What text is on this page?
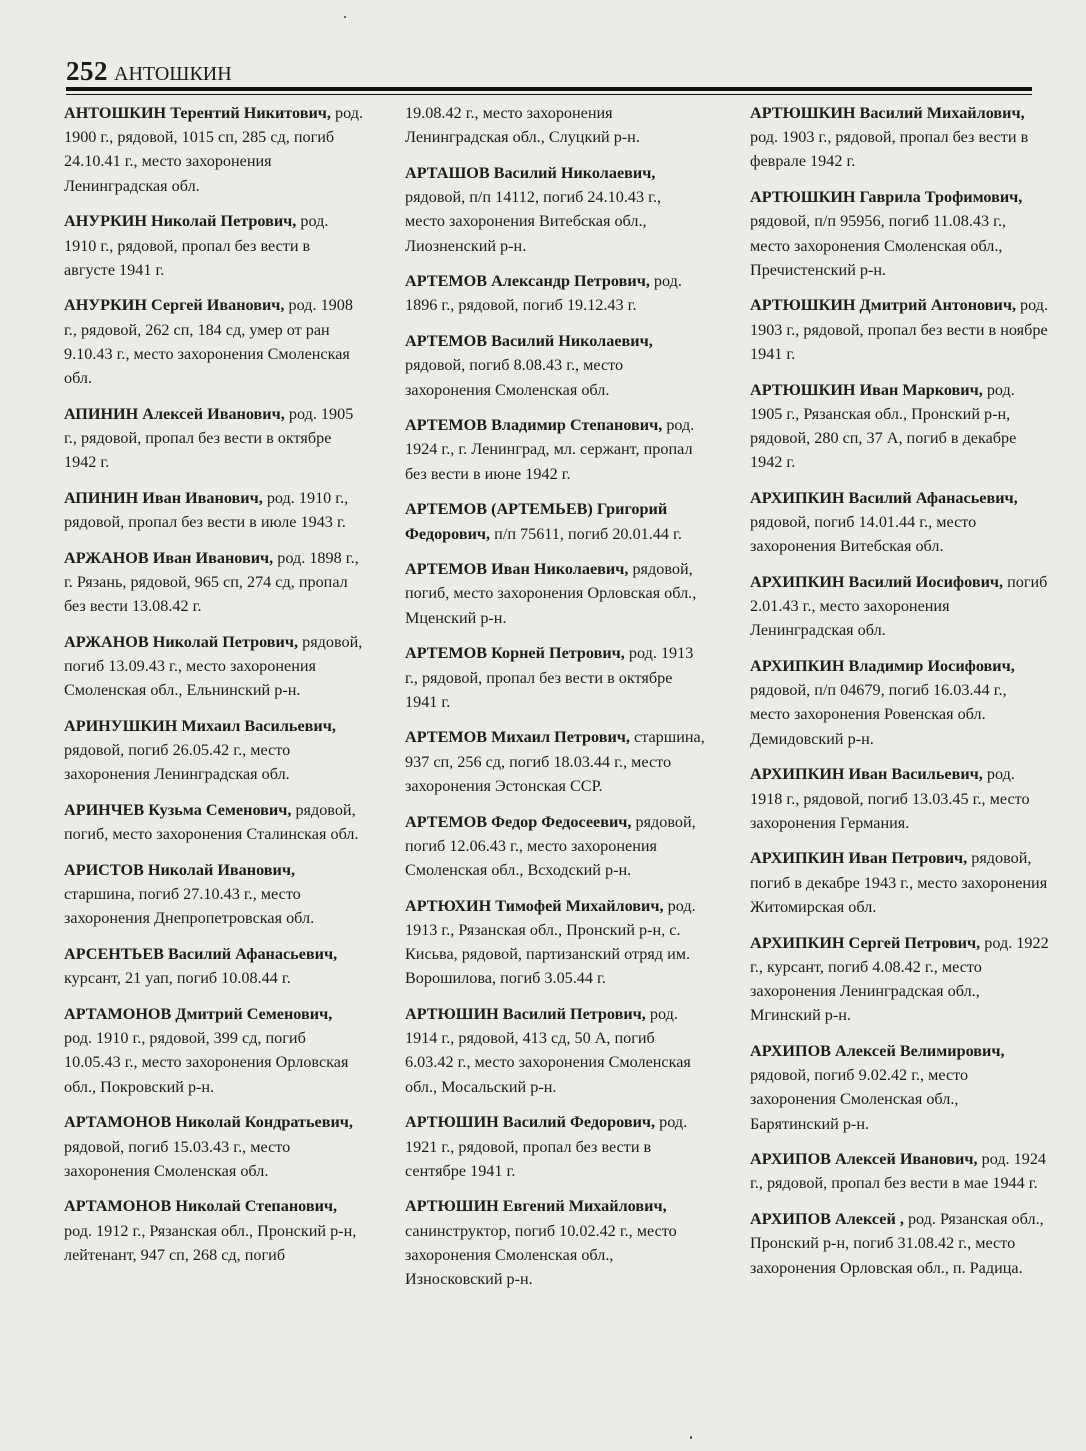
252 АНТОШКИН

АНТОШКИН Терентий Никитович, род. 1900 г., рядовой, 1015 сп, 285 сд, погиб 24.10.41 г., место захоронения Ленинградская обл.

АНУРКИН Николай Петрович, род. 1910 г., рядовой, пропал без вести в августе 1941 г.

АНУРКИН Сергей Иванович, род. 1908 г., рядовой, 262 сп, 184 сд, умер от ран 9.10.43 г., место захоронения Смоленская обл.

АПИНИН Алексей Иванович, род. 1905 г., рядовой, пропал без вести в октябре 1942 г.

АПИНИН Иван Иванович, род. 1910 г., рядовой, пропал без вести в июле 1943 г.

АРЖАНОВ Иван Иванович, род. 1898 г., г. Рязань, рядовой, 965 сп, 274 сд, пропал без вести 13.08.42 г.

АРЖАНОВ Николай Петрович, рядовой, погиб 13.09.43 г., место захоронения Смоленская обл., Ельнинский р-н.

АРИНУШКИН Михаил Васильевич, рядовой, погиб 26.05.42 г., место захоронения Ленинградская обл.

АРИНЧЕВ Кузьма Семенович, рядовой, погиб, место захоронения Сталинская обл.

АРИСТОВ Николай Иванович, старшина, погиб 27.10.43 г., место захоронения Днепропетровская обл.

АРСЕНТЬЕВ Василий Афанасьевич, курсант, 21 уап, погиб 10.08.44 г.

АРТАМОНОВ Дмитрий Семенович, род. 1910 г., рядовой, 399 сд, погиб 10.05.43 г., место захоронения Орловская обл., Покровский р-н.

АРТАМОНОВ Николай Кондратьевич, рядовой, погиб 15.03.43 г., место захоронения Смоленская обл.

АРТАМОНОВ Николай Степанович, род. 1912 г., Рязанская обл., Пронский р-н, лейтенант, 947 сп, 268 сд, погиб

19.08.42 г., место захоронения Ленинградская обл., Слуцкий р-н.

АРТАШОВ Василий Николаевич, рядовой, п/п 14112, погиб 24.10.43 г., место захоронения Витебская обл., Лиозненский р-н.

АРТЕМОВ Александр Петрович, род. 1896 г., рядовой, погиб 19.12.43 г.

АРТЕМОВ Василий Николаевич, рядовой, погиб 8.08.43 г., место захоронения Смоленская обл.

АРТЕМОВ Владимир Степанович, род. 1924 г., г. Ленинград, мл. сержант, пропал без вести в июне 1942 г.

АРТЕМОВ (АРТЕМЬЕВ) Григорий Федорович, п/п 75611, погиб 20.01.44 г.

АРТЕМОВ Иван Николаевич, рядовой, погиб, место захоронения Орловская обл., Мценский р-н.

АРТЕМОВ Корней Петрович, род. 1913 г., рядовой, пропал без вести в октябре 1941 г.

АРТЕМОВ Михаил Петрович, старшина, 937 сп, 256 сд, погиб 18.03.44 г., место захоронения Эстонская ССР.

АРТЕМОВ Федор Федосеевич, рядовой, погиб 12.06.43 г., место захоронения Смоленская обл., Всходский р-н.

АРТЮХИН Тимофей Михайлович, род. 1913 г., Рязанская обл., Пронский р-н, с. Кисьва, рядовой, партизанский отряд им. Ворошилова, погиб 3.05.44 г.

АРТЮШИН Василий Петрович, род. 1914 г., рядовой, 413 сд, 50 А, погиб 6.03.42 г., место захоронения Смоленская обл., Мосальский р-н.

АРТЮШИН Василий Федорович, род. 1921 г., рядовой, пропал без вести в сентябре 1941 г.

АРТЮШИН Евгений Михайлович, санинструктор, погиб 10.02.42 г., место захоронения Смоленская обл., Износковский р-н.

АРТЮШКИН Василий Михайлович, род. 1903 г., рядовой, пропал без вести в феврале 1942 г.

АРТЮШКИН Гаврила Трофимович, рядовой, п/п 95956, погиб 11.08.43 г., место захоронения Смоленская обл., Пречистенский р-н.

АРТЮШКИН Дмитрий Антонович, род. 1903 г., рядовой, пропал без вести в ноябре 1941 г.

АРТЮШКИН Иван Маркович, род. 1905 г., Рязанская обл., Пронский р-н, рядовой, 280 сп, 37 А, погиб в декабре 1942 г.

АРХИПКИН Василий Афанасьевич, рядовой, погиб 14.01.44 г., место захоронения Витебская обл.

АРХИПКИН Василий Иосифович, погиб 2.01.43 г., место захоронения Ленинградская обл.

АРХИПКИН Владимир Иосифович, рядовой, п/п 04679, погиб 16.03.44 г., место захоронения Ровенская обл. Демидовский р-н.

АРХИПКИН Иван Васильевич, род. 1918 г., рядовой, погиб 13.03.45 г., место захоронения Германия.

АРХИПКИН Иван Петрович, рядовой, погиб в декабре 1943 г., место захоронения Житомирская обл.

АРХИПКИН Сергей Петрович, род. 1922 г., курсант, погиб 4.08.42 г., место захоронения Ленинградская обл., Мгинский р-н.

АРХИПОВ Алексей Велимирович, рядовой, погиб 9.02.42 г., место захоронения Смоленская обл., Барятинский р-н.

АРХИПОВ Алексей Иванович, род. 1924 г., рядовой, пропал без вести в мае 1944 г.

АРХИПОВ Алексей , род. Рязанская обл., Пронский р-н, погиб 31.08.42 г., место захоронения Орловская обл., п. Радица.
